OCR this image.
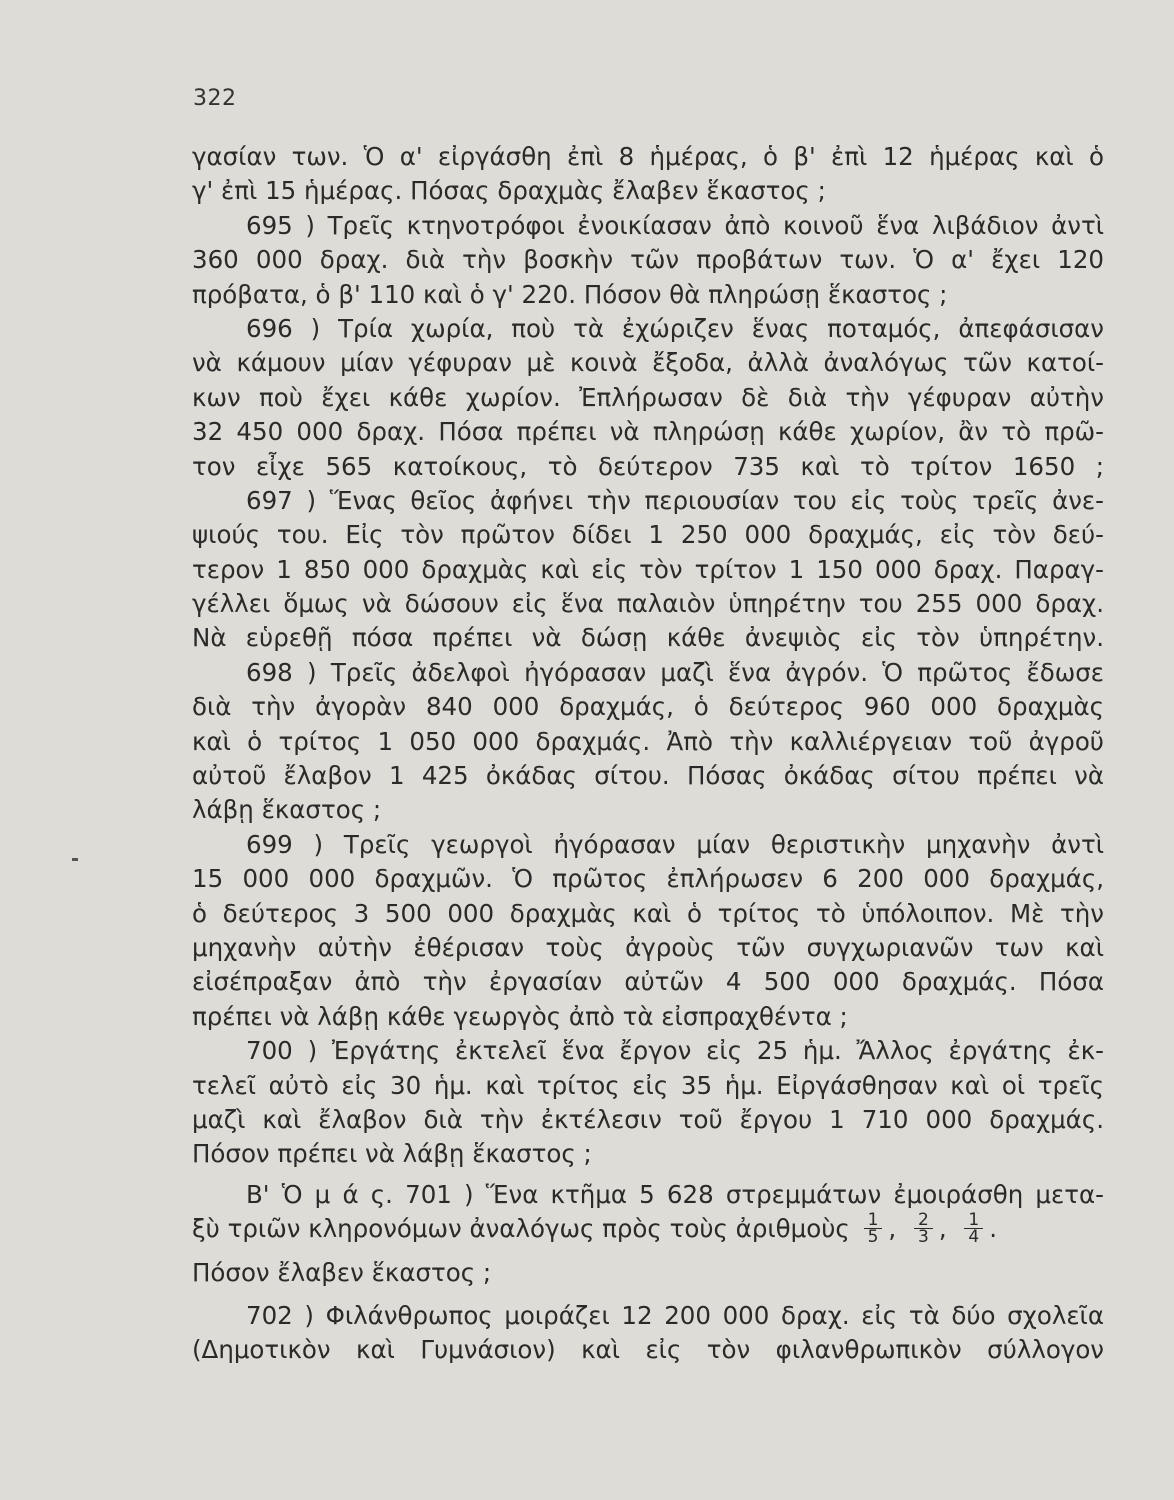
322
γασίαν των. Ὁ α' εἰργάσθη ἐπὶ 8 ἡμέρας, ὁ β' ἐπὶ 12 ἡμέρας καὶ ὁ
γ' ἐπὶ 15 ἡμέρας. Πόσας δραχμὰς ἔλαβεν ἕκαστος ;
695 ) Τρεῖς κτηνοτρόφοι ἐνοικίασαν ἀπὸ κοινοῦ ἕνα λιβάδιον ἀντὶ
360 000 δραχ. διὰ τὴν βοσκὴν τῶν προβάτων των. Ὁ α' ἔχει 120
πρόβατα, ὁ β' 110 καὶ ὁ γ' 220. Πόσον θὰ πληρώσῃ ἕκαστος ;
696 ) Τρία χωρία, ποὺ τὰ ἐχώριζεν ἕνας ποταμός, ἀπεφάσισαν
νὰ κάμουν μίαν γέφυραν μὲ κοινὰ ἔξοδα, ἀλλὰ ἀναλόγως τῶν κατοί-
κων ποὺ ἔχει κάθε χωρίον. Ἐπλήρωσαν δὲ διὰ τὴν γέφυραν αὐτὴν
32 450 000 δραχ. Πόσα πρέπει νὰ πληρώσῃ κάθε χωρίον, ἂν τὸ πρῶ-
τον εἶχε 565 κατοίκους, τὸ δεύτερον 735 καὶ τὸ τρίτον 1650 ;
697 ) Ἕνας θεῖος ἀφήνει τὴν περιουσίαν του εἰς τοὺς τρεῖς ἀνε-
ψιούς του. Εἰς τὸν πρῶτον δίδει 1 250 000 δραχμάς, εἰς τὸν δεύ-
τερον 1 850 000 δραχμὰς καὶ εἰς τὸν τρίτον 1 150 000 δραχ. Παραγ-
γέλλει ὅμως νὰ δώσουν εἰς ἕνα παλαιὸν ὑπηρέτην του 255 000 δραχ.
Νὰ εὑρεθῇ πόσα πρέπει νὰ δώσῃ κάθε ἀνεψιὸς εἰς τὸν ὑπηρέτην.
698 ) Τρεῖς ἀδελφοὶ ἠγόρασαν μαζὶ ἕνα ἀγρόν. Ὁ πρῶτος ἔδωσε
διὰ τὴν ἀγορὰν 840 000 δραχμάς, ὁ δεύτερος 960 000 δραχμὰς
καὶ ὁ τρίτος 1 050 000 δραχμάς. Ἀπὸ τὴν καλλιέργειαν τοῦ ἀγροῦ
αὐτοῦ ἔλαβον 1 425 ὀκάδας σίτου. Πόσας ὀκάδας σίτου πρέπει νὰ
λάβῃ ἕκαστος ;
699 ) Τρεῖς γεωργοὶ ἠγόρασαν μίαν θεριστικὴν μηχανὴν ἀντὶ
15 000 000 δραχμῶν. Ὁ πρῶτος ἐπλήρωσεν 6 200 000 δραχμάς,
ὁ δεύτερος 3 500 000 δραχμὰς καὶ ὁ τρίτος τὸ ὑπόλοιπον. Μὲ τὴν
μηχανὴν αὐτὴν ἐθέρισαν τοὺς ἀγροὺς τῶν συγχωριανῶν των καὶ
εἰσέπραξαν ἀπὸ τὴν ἐργασίαν αὐτῶν 4 500 000 δραχμάς. Πόσα
πρέπει νὰ λάβῃ κάθε γεωργὸς ἀπὸ τὰ εἰσπραχθέντα ;
700 ) Ἐργάτης ἐκτελεῖ ἕνα ἔργον εἰς 25 ἡμ. Ἄλλος ἐργάτης ἐκ-
τελεῖ αὐτὸ εἰς 30 ἡμ. καὶ τρίτος εἰς 35 ἡμ. Εἰργάσθησαν καὶ οἱ τρεῖς
μαζὶ καὶ ἔλαβον διὰ τὴν ἐκτέλεσιν τοῦ ἔργου 1 710 000 δραχμάς.
Πόσον πρέπει νὰ λάβῃ ἕκαστος ;
Β' Ὁ μ ά ς. 701 ) Ἕνα κτῆμα 5 628 στρεμμάτων ἐμοιράσθη μετα-
ξὺ τριῶν κληρονόμων ἀναλόγως πρὸς τοὺς ἀριθμοὺς $\frac{1}{5}$ , $\frac{2}{3}$ , $\frac{1}{4}$ .
Πόσον ἔλαβεν ἕκαστος ;
702 ) Φιλάνθρωπος μοιράζει 12 200 000 δραχ. εἰς τὰ δύο σχολεῖα
(Δημοτικὸν καὶ Γυμνάσιον) καὶ εἰς τὸν φιλανθρωπικὸν σύλλογον
